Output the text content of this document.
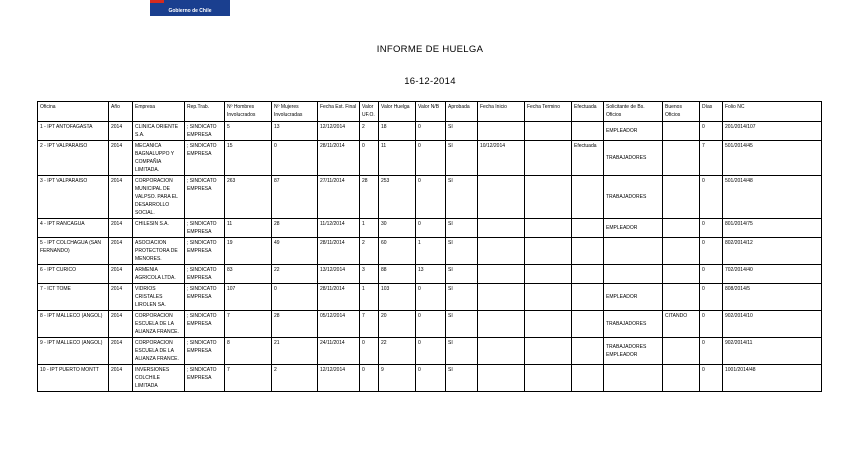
Gobierno de Chile
INFORME DE HUELGA
16-12-2014
Oficina	Año	Empresa	Rep.Trab.	Nº Hombres Involucrados	Nº Mujeres Involucradas	Fecha Est. Final	Valor UF.O.	Valor Huelga	Valor N/B	Aprobada	Fecha Inicio	Fecha Termino	Efectuada	Solicitante de Bs. Oficios	Buenos Oficios	Días	Folio NC
1 - IPT ANTOFAGASTA	2014	CLINICA ORIENTE S.A.	; SINDICATO EMPRESA	5	13	12/12/2014	2	18	0	SI				EMPLEADOR		0	201/2014/107
2 - IPT VALPARAISO	2014	MECANICA BAGNALUPPO Y COMPAÑIA LIMITADA.	; SINDICATO EMPRESA	15	0	28/11/2014	0	11	0	SI	10/12/2014		Efectuada	TRABAJADORES		7	501/2014/45
3 - IPT VALPARAISO	2014	CORPORACION MUNICIPAL DE VALPSO. PARA EL DESARROLLO SOCIAL.	; SINDICATO EMPRESA	263	87	27/11/2014	28	253	0	SI				TRABAJADORES		0	501/2014/48
4 - IPT RANCAGUA	2014	CHILESIN S.A.	; SINDICATO EMPRESA	11	28	11/12/2014	1	30	0	SI				EMPLEADOR		0	801/2014/75
5 - IPT COLCHAGUA (SAN FERNANDO)	2014	ASOCIACION PROTECTORA DE MENORES.	; SINDICATO EMPRESA	19	49	28/11/2014	2	60	1	SI						0	802/2014/12
6 - IPT CURICO	2014	ARMENIA AGRICOLA LTDA.	; SINDICATO EMPRESA	83	22	13/12/2014	3	88	13	SI						0	702/2014/40
7 - ICT TOME	2014	VIDRIOS CRISTALES LIROLEN SA.	; SINDICATO EMPRESA	107	0	28/11/2014	1	103	0	SI				EMPLEADOR		0	808/2014/5
8 - IPT MALLECO (ANGOL)	2014	CORPORACION ESCUELA DE LA ALIANZA FRANCE.	; SINDICATO EMPRESA	7	28	05/12/2014	7	20	0	SI				TRABAJADORES	CITANDO	0	902/2014/10
9 - IPT MALLECO (ANGOL)	2014	CORPORACION ESCUELA DE LA ALIANZA FRANCE.	; SINDICATO EMPRESA	8	21	24/11/2014	0	22	0	SI				TRABAJADORES EMPLEADOR		0	902/2014/11
10 - IPT PUERTO MONTT	2014	INVERSIONES COLCHILE LIMITADA	; SINDICATO EMPRESA	7	2	12/12/2014	0	9	0	SI						0	1001/2014/48
